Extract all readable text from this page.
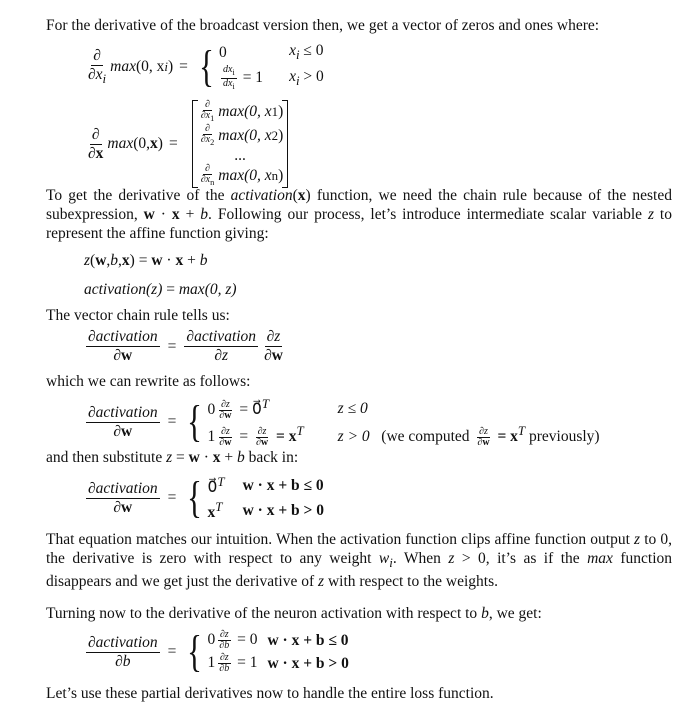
For the derivative of the broadcast version then, we get a vector of zeros and ones where:
$\frac{\partial}{\partial x_i}$ max (0, x i ) = { 0	$x_i \le 0$
$\frac{dx_i}{dx_i} = 1$ $x_i > 0$
$\frac{\partial}{\partial x}$ max (0, x ) =
$\frac{\partial}{\partial x_1} \max(0$, x 1 )
$\frac{\partial}{\partial x_2} \max(0$, x 2 )
...
$\frac{\partial}{\partial x_n} \max(0$, x n )
To get the derivative of the activation(x) function, we need the chain rule because of the nested subexpression, w · x + b. Following our process, let’s introduce intermediate scalar variable z to represent the affine function giving:
z ( w , b , x ) = w · x + b
activation (z) = max (0, z)
The vector chain rule tells us:
$\frac{\text{∂activation}}{\partial w} = \frac{\text{∂activation}}{\partial z} \frac{\partial z}{\partial w}$
which we can rewrite as follows:
$\frac{\text{∂activation}}{\partial w}$ = { $0 \frac{\partial z}{\partial w}$ = 0⃗$^T$	z ≤ 0
$1 \frac{\partial z}{\partial w} = \frac{\partial z}{\partial w} = x^T$ z > 0 (we computed $\frac{\partial z}{\partial w} = x^T$ previously)
and then substitute z = w · x + b back in:
$\frac{\text{∂activation}}{\partial w}$ = { 0⃗$^T$ w · x + b ≤ 0
$x^T$ w · x + b > 0
That equation matches our intuition. When the activation function clips affine function output z to 0, the derivative is zero with respect to any weight $w_i$. When z > 0, it’s as if the max function disappears and we get just the derivative of z with respect to the weights.
Turning now to the derivative of the neuron activation with respect to b, we get:
$\frac{\text{∂activation}}{\partial b}$ = { $0 \frac{\partial z}{\partial b} = 0$ w · x + b ≤ 0
$1 \frac{\partial z}{\partial b} = 1$ w · x + b > 0
Let’s use these partial derivatives now to handle the entire loss function.
